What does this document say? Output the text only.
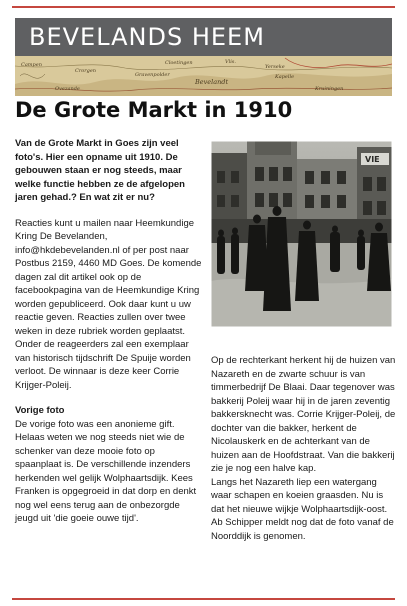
BEVELANDS HEEM
Campen	Cloetingen	Vlis.
Gravenpolder
Ovezande
Kapelle
Kruiningen
Yerseke
Crorgen
Bevelandt
De Grote Markt in 1910

Van de Grote Markt in Goes zijn veel foto's. Hier een opname uit 1910. De gebouwen staan er nog steeds, maar welke functie hebben ze de afgelopen jaren gehad.? En wat zit er nu?

Reacties kunt u mailen naar Heemkundige Kring De Bevelanden, info@hkdebevelanden.nl of per post naar Postbus 2159, 4460 MD Goes. De komende dagen zal dit artikel ook op de facebookpagina van de Heemkundige Kring worden gepubliceerd. Ook daar kunt u uw reactie geven. Reacties zullen over twee weken in deze rubriek worden geplaatst. Onder de reageerders zal een exemplaar van historisch tijdschrift De Spuije worden verloot. De winnaar is deze keer Corrie Krijger-Poleij.

Vorige foto

De vorige foto was een anonieme gift. Helaas weten we nog steeds niet wie de schenker van deze mooie foto op spaanplaat is. De verschillende inzenders herkenden wel gelijk Wolphaartsdijk. Kees Franken is opgegroeid in dat dorp en denkt nog wel eens terug aan de onbezorgde jeugd uit 'die goeie ouwe tijd'.

VIE

Op de rechterkant herkent hij de huizen van Nazareth en de zwarte schuur is van timmerbedrijf De Blaai. Daar tegenover was bakkerij Poleij waar hij in de jaren zeventig bakkersknecht was. Corrie Krijger-Poleij, de dochter van die bakker, herkent de Nicolauskerk en de achterkant van de huizen aan de Hoofdstraat. Van die bakkerij zie je nog een halve kap.

Langs het Nazareth liep een watergang waar schapen en koeien graasden. Nu is dat het nieuwe wijkje Wolphaartsdijk-oost. Ab Schipper meldt nog dat de foto vanaf de Noorddijk is genomen.
